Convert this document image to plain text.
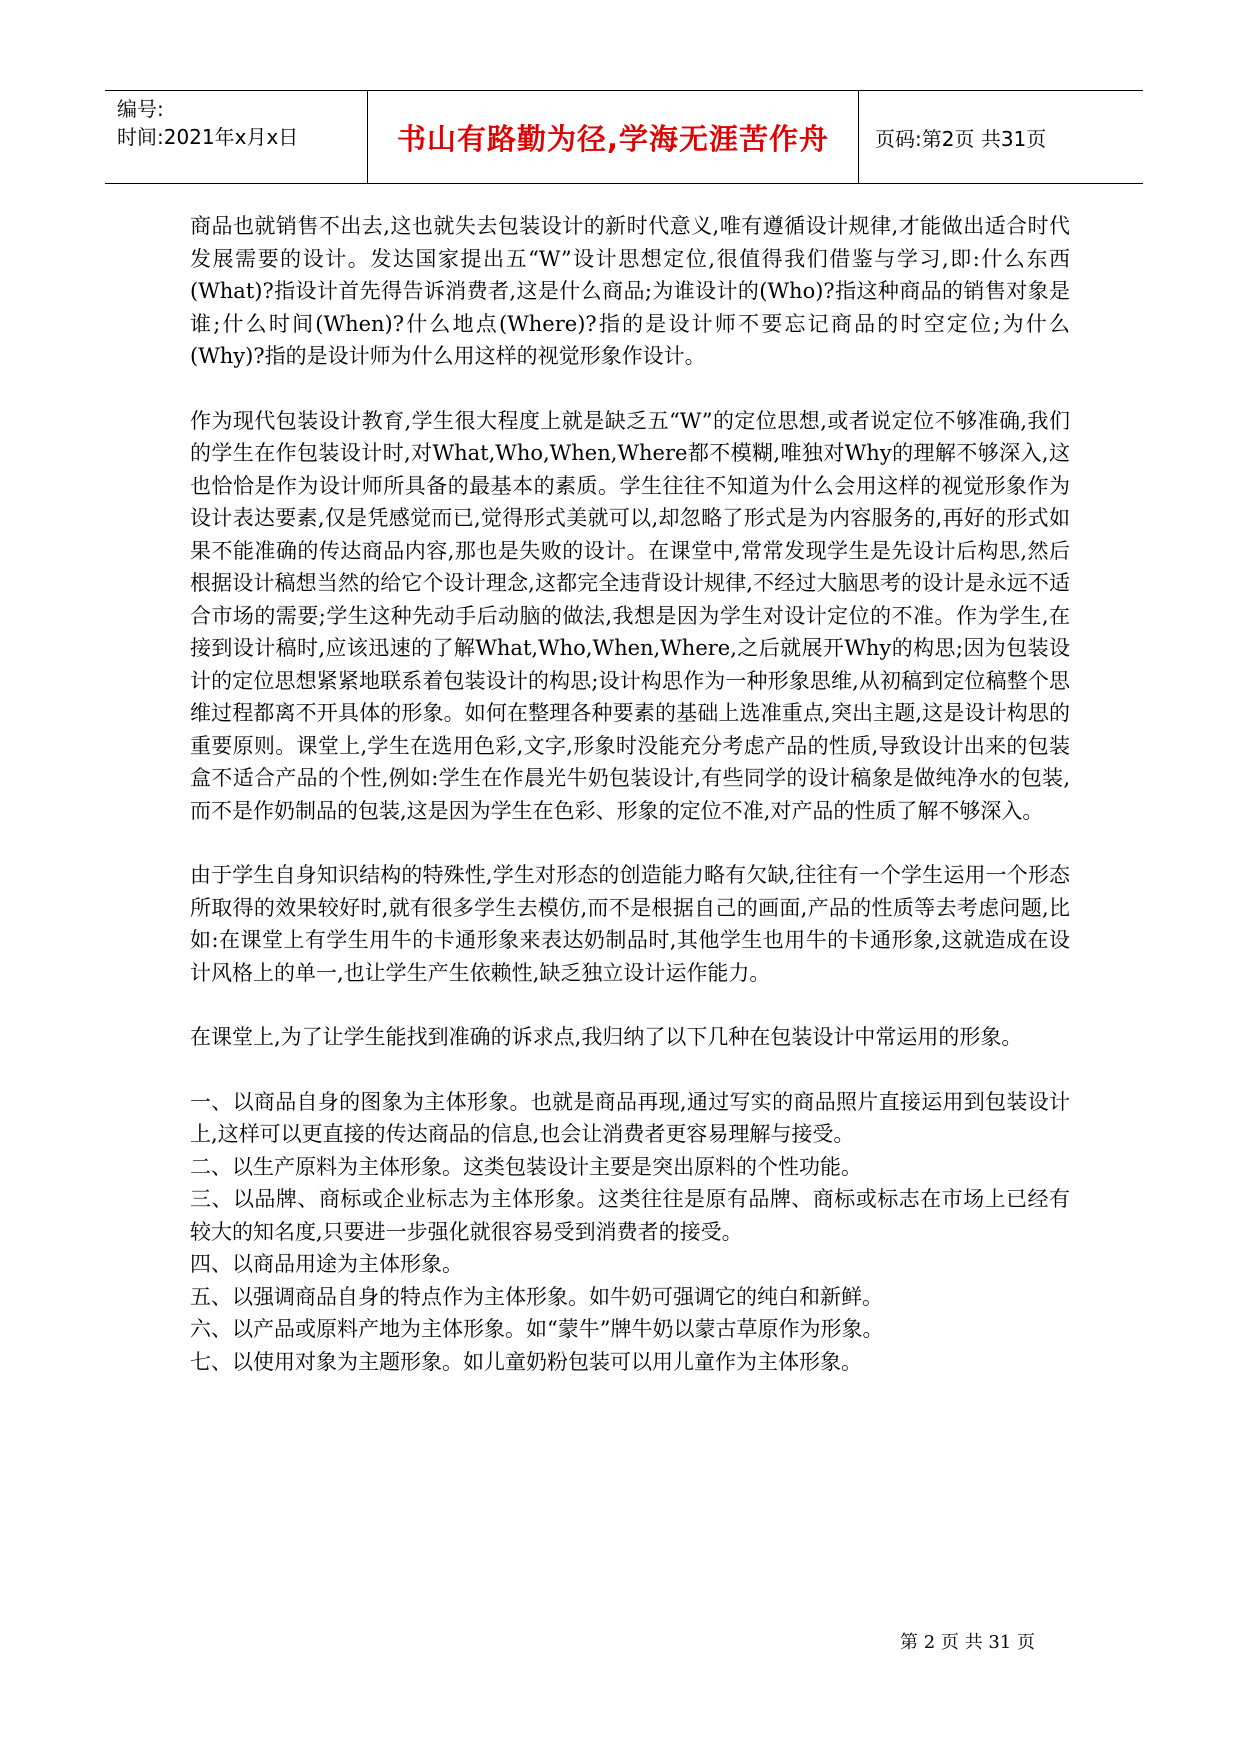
编号:
时间:2021年x月x日	书山有路勤为径,学海无涯苦作舟	页码:第2页 共31页

商品也就销售不出去,这也就失去包装设计的新时代意义,唯有遵循设计规律,才能做出适合时代发展需要的设计。发达国家提出五“W”设计思想定位,很值得我们借鉴与学习,即:什么东西(What)?指设计首先得告诉消费者,这是什么商品;为谁设计的(Who)?指这种商品的销售对象是谁;什么时间(When)?什么地点(Where)?指的是设计师不要忘记商品的时空定位;为什么(Why)?指的是设计师为什么用这样的视觉形象作设计。

作为现代包装设计教育,学生很大程度上就是缺乏五“W”的定位思想,或者说定位不够准确,我们的学生在作包装设计时,对What,Who,When,Where都不模糊,唯独对Why的理解不够深入,这也恰恰是作为设计师所具备的最基本的素质。学生往往不知道为什么会用这样的视觉形象作为设计表达要素,仅是凭感觉而已,觉得形式美就可以,却忽略了形式是为内容服务的,再好的形式如果不能准确的传达商品内容,那也是失败的设计。在课堂中,常常发现学生是先设计后构思,然后根据设计稿想当然的给它个设计理念,这都完全违背设计规律,不经过大脑思考的设计是永远不适合市场的需要;学生这种先动手后动脑的做法,我想是因为学生对设计定位的不准。作为学生,在接到设计稿时,应该迅速的了解What,Who,When,Where,之后就展开Why的构思;因为包装设计的定位思想紧紧地联系着包装设计的构思;设计构思作为一种形象思维,从初稿到定位稿整个思维过程都离不开具体的形象。如何在整理各种要素的基础上选准重点,突出主题,这是设计构思的重要原则。课堂上,学生在选用色彩,文字,形象时没能充分考虑产品的性质,导致设计出来的包装盒不适合产品的个性,例如:学生在作晨光牛奶包装设计,有些同学的设计稿象是做纯净水的包装,而不是作奶制品的包装,这是因为学生在色彩、形象的定位不准,对产品的性质了解不够深入。

由于学生自身知识结构的特殊性,学生对形态的创造能力略有欠缺,往往有一个学生运用一个形态所取得的效果较好时,就有很多学生去模仿,而不是根据自己的画面,产品的性质等去考虑问题,比如:在课堂上有学生用牛的卡通形象来表达奶制品时,其他学生也用牛的卡通形象,这就造成在设计风格上的单一,也让学生产生依赖性,缺乏独立设计运作能力。

在课堂上,为了让学生能找到准确的诉求点,我归纳了以下几种在包装设计中常运用的形象。

一、以商品自身的图象为主体形象。也就是商品再现,通过写实的商品照片直接运用到包装设计上,这样可以更直接的传达商品的信息,也会让消费者更容易理解与接受。

二、以生产原料为主体形象。这类包装设计主要是突出原料的个性功能。

三、以品牌、商标或企业标志为主体形象。这类往往是原有品牌、商标或标志在市场上已经有较大的知名度,只要进一步强化就很容易受到消费者的接受。

四、以商品用途为主体形象。

五、以强调商品自身的特点作为主体形象。如牛奶可强调它的纯白和新鲜。

六、以产品或原料产地为主体形象。如“蒙牛”牌牛奶以蒙古草原作为形象。

七、以使用对象为主题形象。如儿童奶粉包装可以用儿童作为主体形象。

第 2 页 共 31 页
